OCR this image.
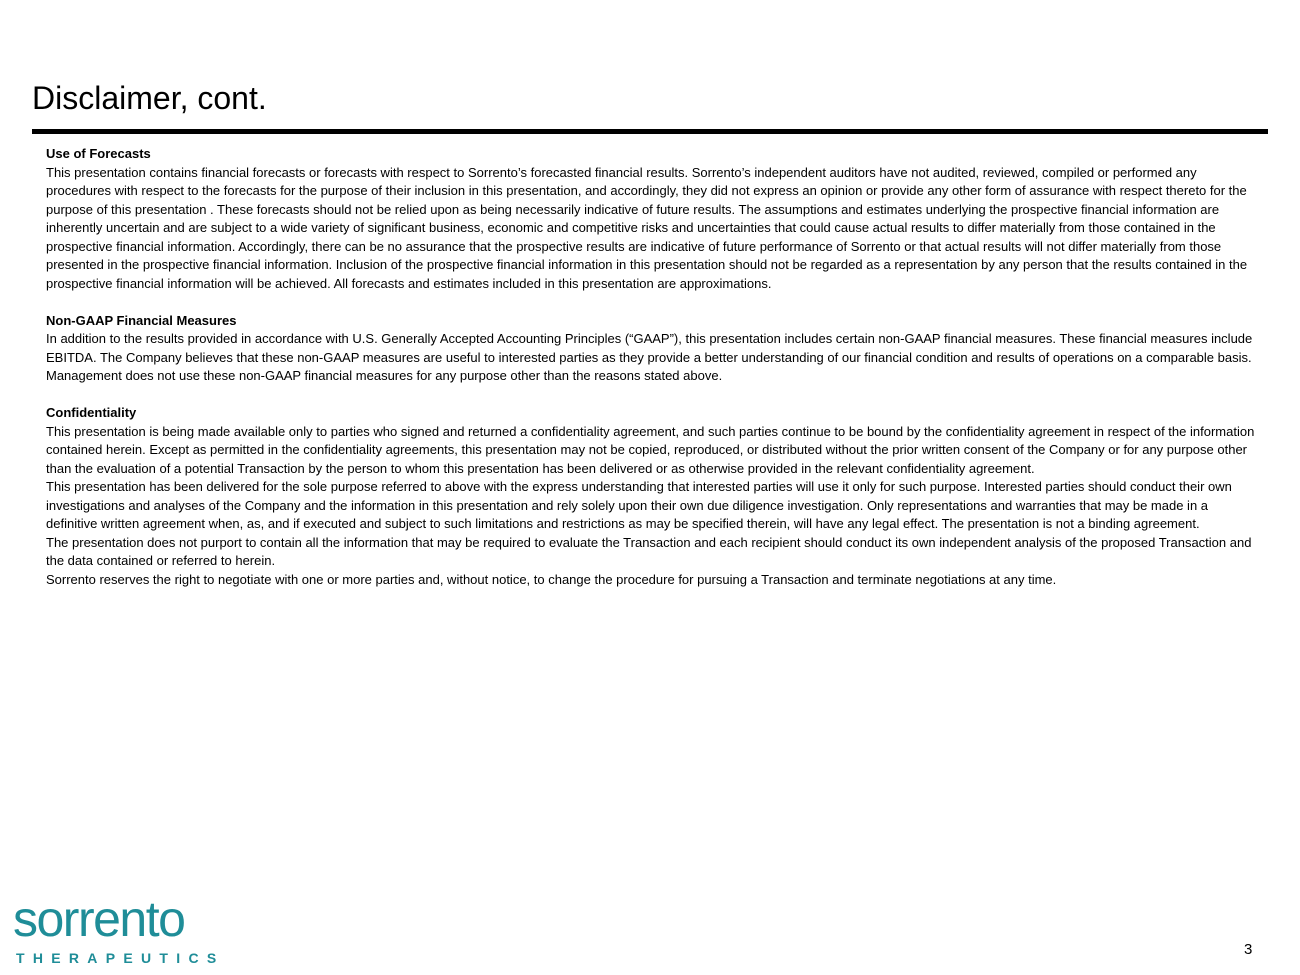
Disclaimer, cont.
Use of Forecasts

This presentation contains financial forecasts or forecasts with respect to Sorrento’s forecasted financial results. Sorrento’s independent auditors have not audited, reviewed, compiled or performed any procedures with respect to the forecasts for the purpose of their inclusion in this presentation, and accordingly, they did not express an opinion or provide any other form of assurance with respect thereto for the purpose of this presentation . These forecasts should not be relied upon as being necessarily indicative of future results. The assumptions and estimates underlying the prospective financial information are inherently uncertain and are subject to a wide variety of significant business, economic and competitive risks and uncertainties that could cause actual results to differ materially from those contained in the prospective financial information. Accordingly, there can be no assurance that the prospective results are indicative of future performance of Sorrento or that actual results will not differ materially from those presented in the prospective financial information. Inclusion of the prospective financial information in this presentation should not be regarded as a representation by any person that the results contained in the prospective financial information will be achieved. All forecasts and estimates included in this presentation are approximations.

Non-GAAP Financial Measures

In addition to the results provided in accordance with U.S. Generally Accepted Accounting Principles (“GAAP”), this presentation includes certain non-GAAP financial measures. These financial measures include EBITDA. The Company believes that these non-GAAP measures are useful to interested parties as they provide a better understanding of our financial condition and results of operations on a comparable basis. Management does not use these non-GAAP financial measures for any purpose other than the reasons stated above.

Confidentiality

This presentation is being made available only to parties who signed and returned a confidentiality agreement, and such parties continue to be bound by the confidentiality agreement in respect of the information contained herein. Except as permitted in the confidentiality agreements, this presentation may not be copied, reproduced, or distributed without the prior written consent of the Company or for any purpose other than the evaluation of a potential Transaction by the person to whom this presentation has been delivered or as otherwise provided in the relevant confidentiality agreement.

This presentation has been delivered for the sole purpose referred to above with the express understanding that interested parties will use it only for such purpose. Interested parties should conduct their own investigations and analyses of the Company and the information in this presentation and rely solely upon their own due diligence investigation. Only representations and warranties that may be made in a definitive written agreement when, as, and if executed and subject to such limitations and restrictions as may be specified therein, will have any legal effect. The presentation is not a binding agreement.

The presentation does not purport to contain all the information that may be required to evaluate the Transaction and each recipient should conduct its own independent analysis of the proposed Transaction and the data contained or referred to herein.

Sorrento reserves the right to negotiate with one or more parties and, without notice, to change the procedure for pursuing a Transaction and terminate negotiations at any time.

sorrento
THERAPEUTICS	3
